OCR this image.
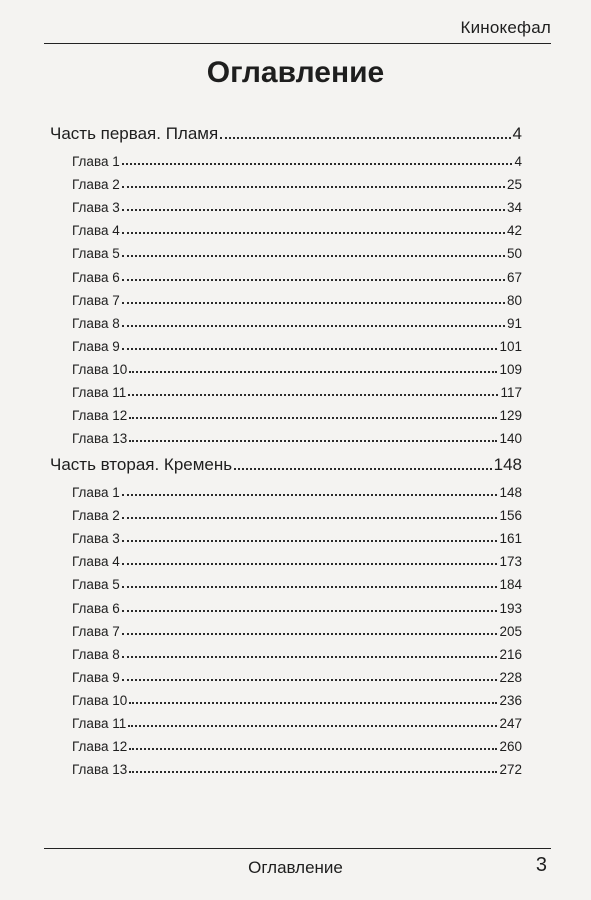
Кинокефал
Оглавление
Часть первая. Пламя	4
Глава 1	4
Глава 2	25
Глава 3	34
Глава 4	42
Глава 5	50
Глава 6	67
Глава 7	80
Глава 8	91
Глава 9	101
Глава 10	109
Глава 11	117
Глава 12	129
Глава 13	140
Часть вторая. Кремень	148
Глава 1	148
Глава 2	156
Глава 3	161
Глава 4	173
Глава 5	184
Глава 6	193
Глава 7	205
Глава 8	216
Глава 9	228
Глава 10	236
Глава 11	247
Глава 12	260
Глава 13	272
Оглавление	3
